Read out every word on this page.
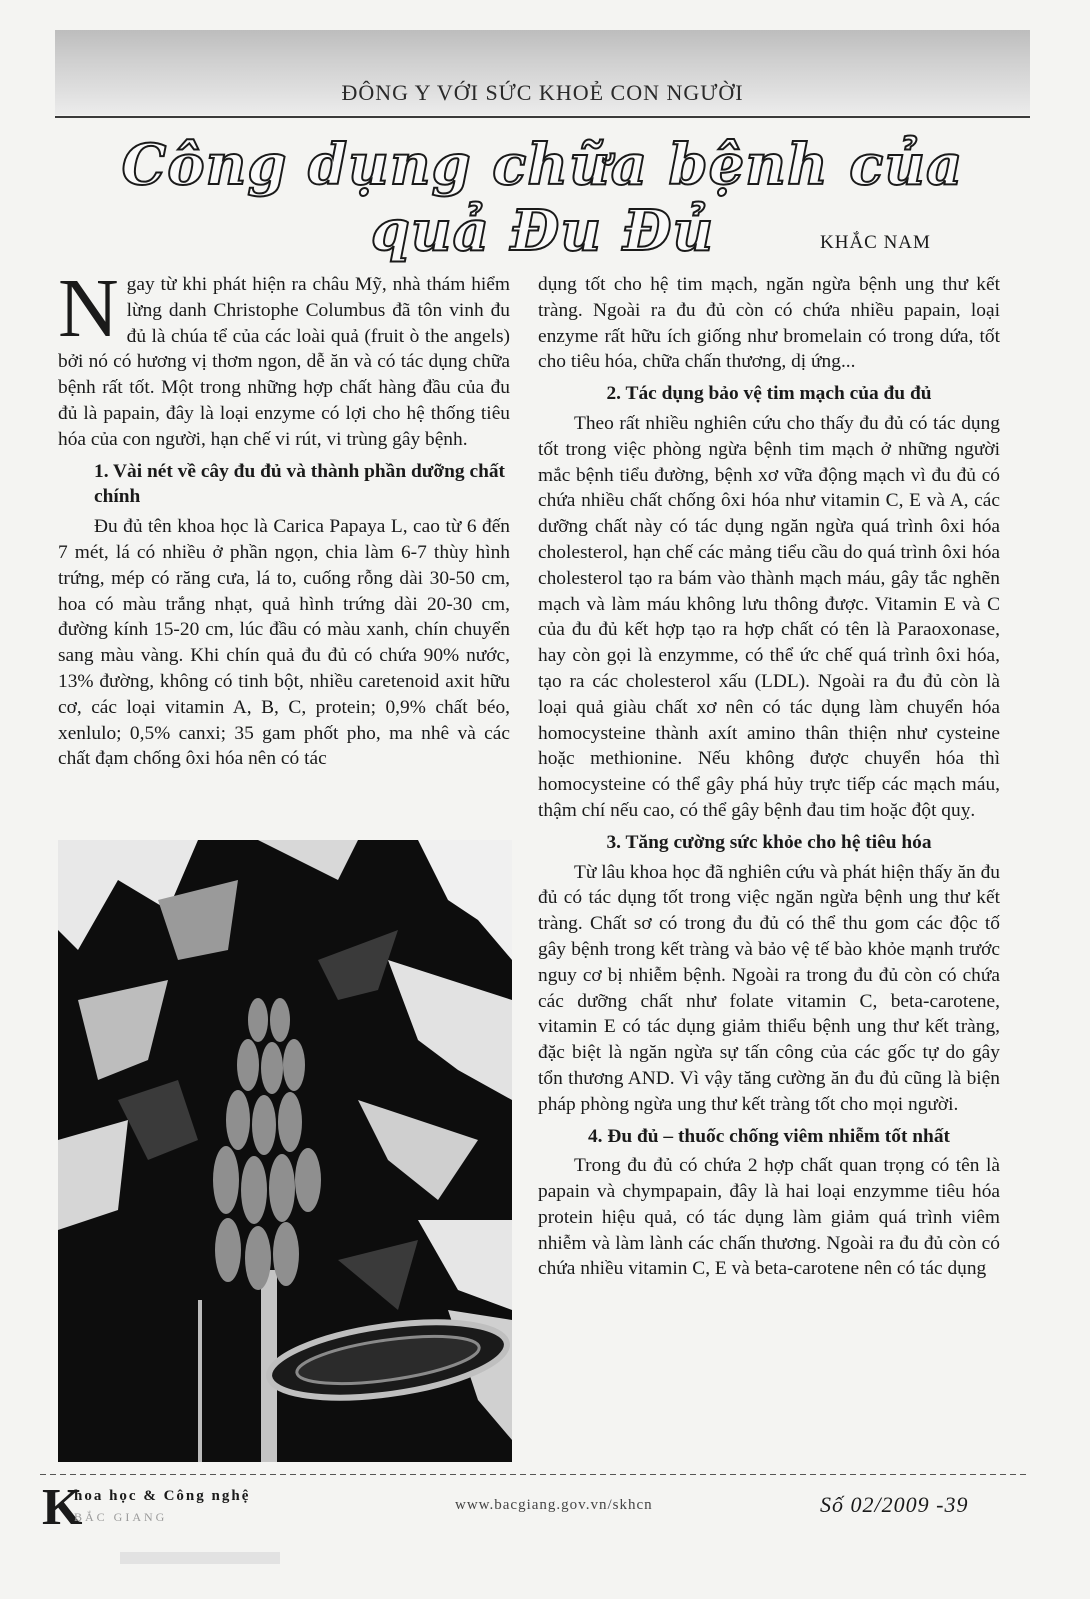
ĐÔNG Y VỚI SỨC KHOẺ CON NGƯỜI
Công dụng chữa bệnh của quả Đu Đủ	KHẮC NAM

Ngay từ khi phát hiện ra châu Mỹ, nhà thám hiểm lừng danh Christophe Columbus đã tôn vinh đu đủ là chúa tể của các loài quả (fruit ò the angels) bởi nó có hương vị thơm ngon, dễ ăn và có tác dụng chữa bệnh rất tốt. Một trong những hợp chất hàng đầu của đu đủ là papain, đây là loại enzyme có lợi cho hệ thống tiêu hóa của con người, hạn chế vi rút, vi trùng gây bệnh.

1. Vài nét về cây đu đủ và thành phần dưỡng chất chính

Đu đủ tên khoa học là Carica Papaya L, cao từ 6 đến 7 mét, lá có nhiều ở phần ngọn, chia làm 6-7 thùy hình trứng, mép có răng cưa, lá to, cuống rỗng dài 30-50 cm, hoa có màu trắng nhạt, quả hình trứng dài 20-30 cm, đường kính 15-20 cm, lúc đầu có màu xanh, chín chuyển sang màu vàng. Khi chín quả đu đủ có chứa 90% nước, 13% đường, không có tinh bột, nhiều caretenoid axit hữu cơ, các loại vitamin A, B, C, protein; 0,9% chất béo, xenlulo; 0,5% canxi; 35 gam phốt pho, ma nhê và các chất đạm chống ôxi hóa nên có tác

dụng tốt cho hệ tim mạch, ngăn ngừa bệnh ung thư kết tràng. Ngoài ra đu đủ còn có chứa nhiều papain, loại enzyme rất hữu ích giống như bromelain có trong dứa, tốt cho tiêu hóa, chữa chấn thương, dị ứng...

2. Tác dụng bảo vệ tim mạch của đu đủ

Theo rất nhiều nghiên cứu cho thấy đu đủ có tác dụng tốt trong việc phòng ngừa bệnh tim mạch ở những người mắc bệnh tiểu đường, bệnh xơ vữa động mạch vì đu đủ có chứa nhiều chất chống ôxi hóa như vitamin C, E và A, các dưỡng chất này có tác dụng ngăn ngừa quá trình ôxi hóa cholesterol, hạn chế các mảng tiểu cầu do quá trình ôxi hóa cholesterol tạo ra bám vào thành mạch máu, gây tắc nghẽn mạch và làm máu không lưu thông được. Vitamin E và C của đu đủ kết hợp tạo ra hợp chất có tên là Paraoxonase, hay còn gọi là enzymme, có thể ức chế quá trình ôxi hóa, tạo ra các cholesterol xấu (LDL). Ngoài ra đu đủ còn là loại quả giàu chất xơ nên có tác dụng làm chuyển hóa homocysteine thành axít amino thân thiện như cysteine hoặc methionine. Nếu không được chuyển hóa thì homocysteine có thể gây phá hủy trực tiếp các mạch máu, thậm chí nếu cao, có thể gây bệnh đau tim hoặc đột quỵ.

3. Tăng cường sức khỏe cho hệ tiêu hóa

Từ lâu khoa học đã nghiên cứu và phát hiện thấy ăn đu đủ có tác dụng tốt trong việc ngăn ngừa bệnh ung thư kết tràng. Chất sơ có trong đu đủ có thể thu gom các độc tố gây bệnh trong kết tràng và bảo vệ tế bào khỏe mạnh trước nguy cơ bị nhiễm bệnh. Ngoài ra trong đu đủ còn có chứa các dưỡng chất như folate vitamin C, beta-carotene, vitamin E có tác dụng giảm thiểu bệnh ung thư kết tràng, đặc biệt là ngăn ngừa sự tấn công của các gốc tự do gây tổn thương AND. Vì vậy tăng cường ăn đu đủ cũng là biện pháp phòng ngừa ung thư kết tràng tốt cho mọi người.

4. Đu đủ – thuốc chống viêm nhiễm tốt nhất

Trong đu đủ có chứa 2 hợp chất quan trọng có tên là papain và chympapain, đây là hai loại enzymme tiêu hóa protein hiệu quả, có tác dụng làm giảm quá trình viêm nhiễm và làm lành các chấn thương. Ngoài ra đu đủ còn có chứa nhiều vitamin C, E và beta-carotene nên có tác dụng

K
hoa học & Công nghệ
BẮC GIANG
www.bacgiang.gov.vn/skhcn	Số 02/2009 -39
